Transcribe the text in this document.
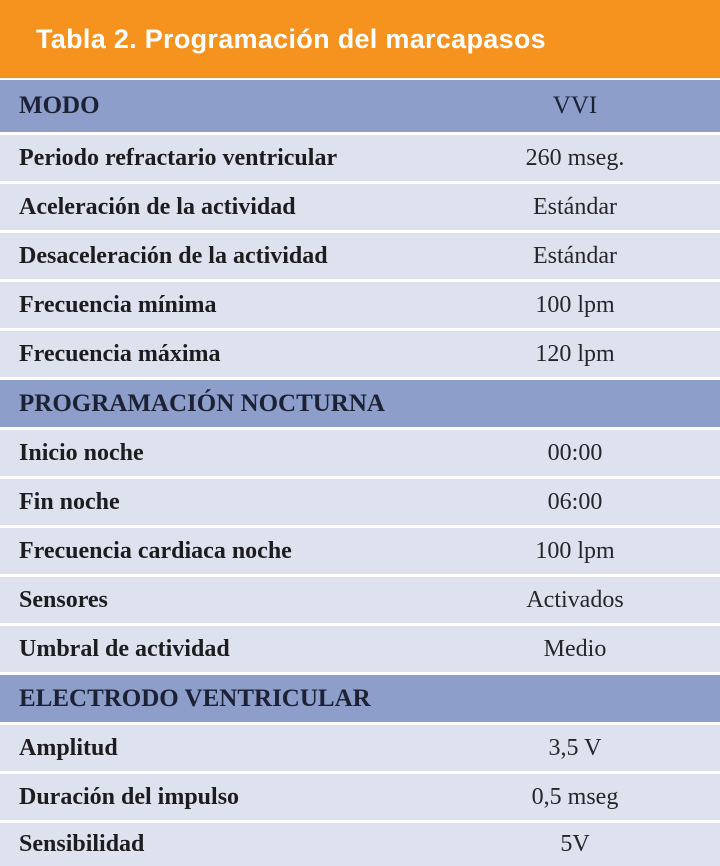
Tabla 2. Programación del marcapasos
MODO	VVI
Periodo refractario ventricular	260 mseg.
Aceleración de la actividad	Estándar
Desaceleración de la actividad	Estándar
Frecuencia mínima	100 lpm
Frecuencia máxima	120 lpm
PROGRAMACIÓN NOCTURNA
Inicio noche	00:00
Fin noche	06:00
Frecuencia cardiaca noche	100 lpm
Sensores	Activados
Umbral de actividad	Medio
ELECTRODO VENTRICULAR
Amplitud	3,5 V
Duración del impulso	0,5 mseg
Sensibilidad	5V
